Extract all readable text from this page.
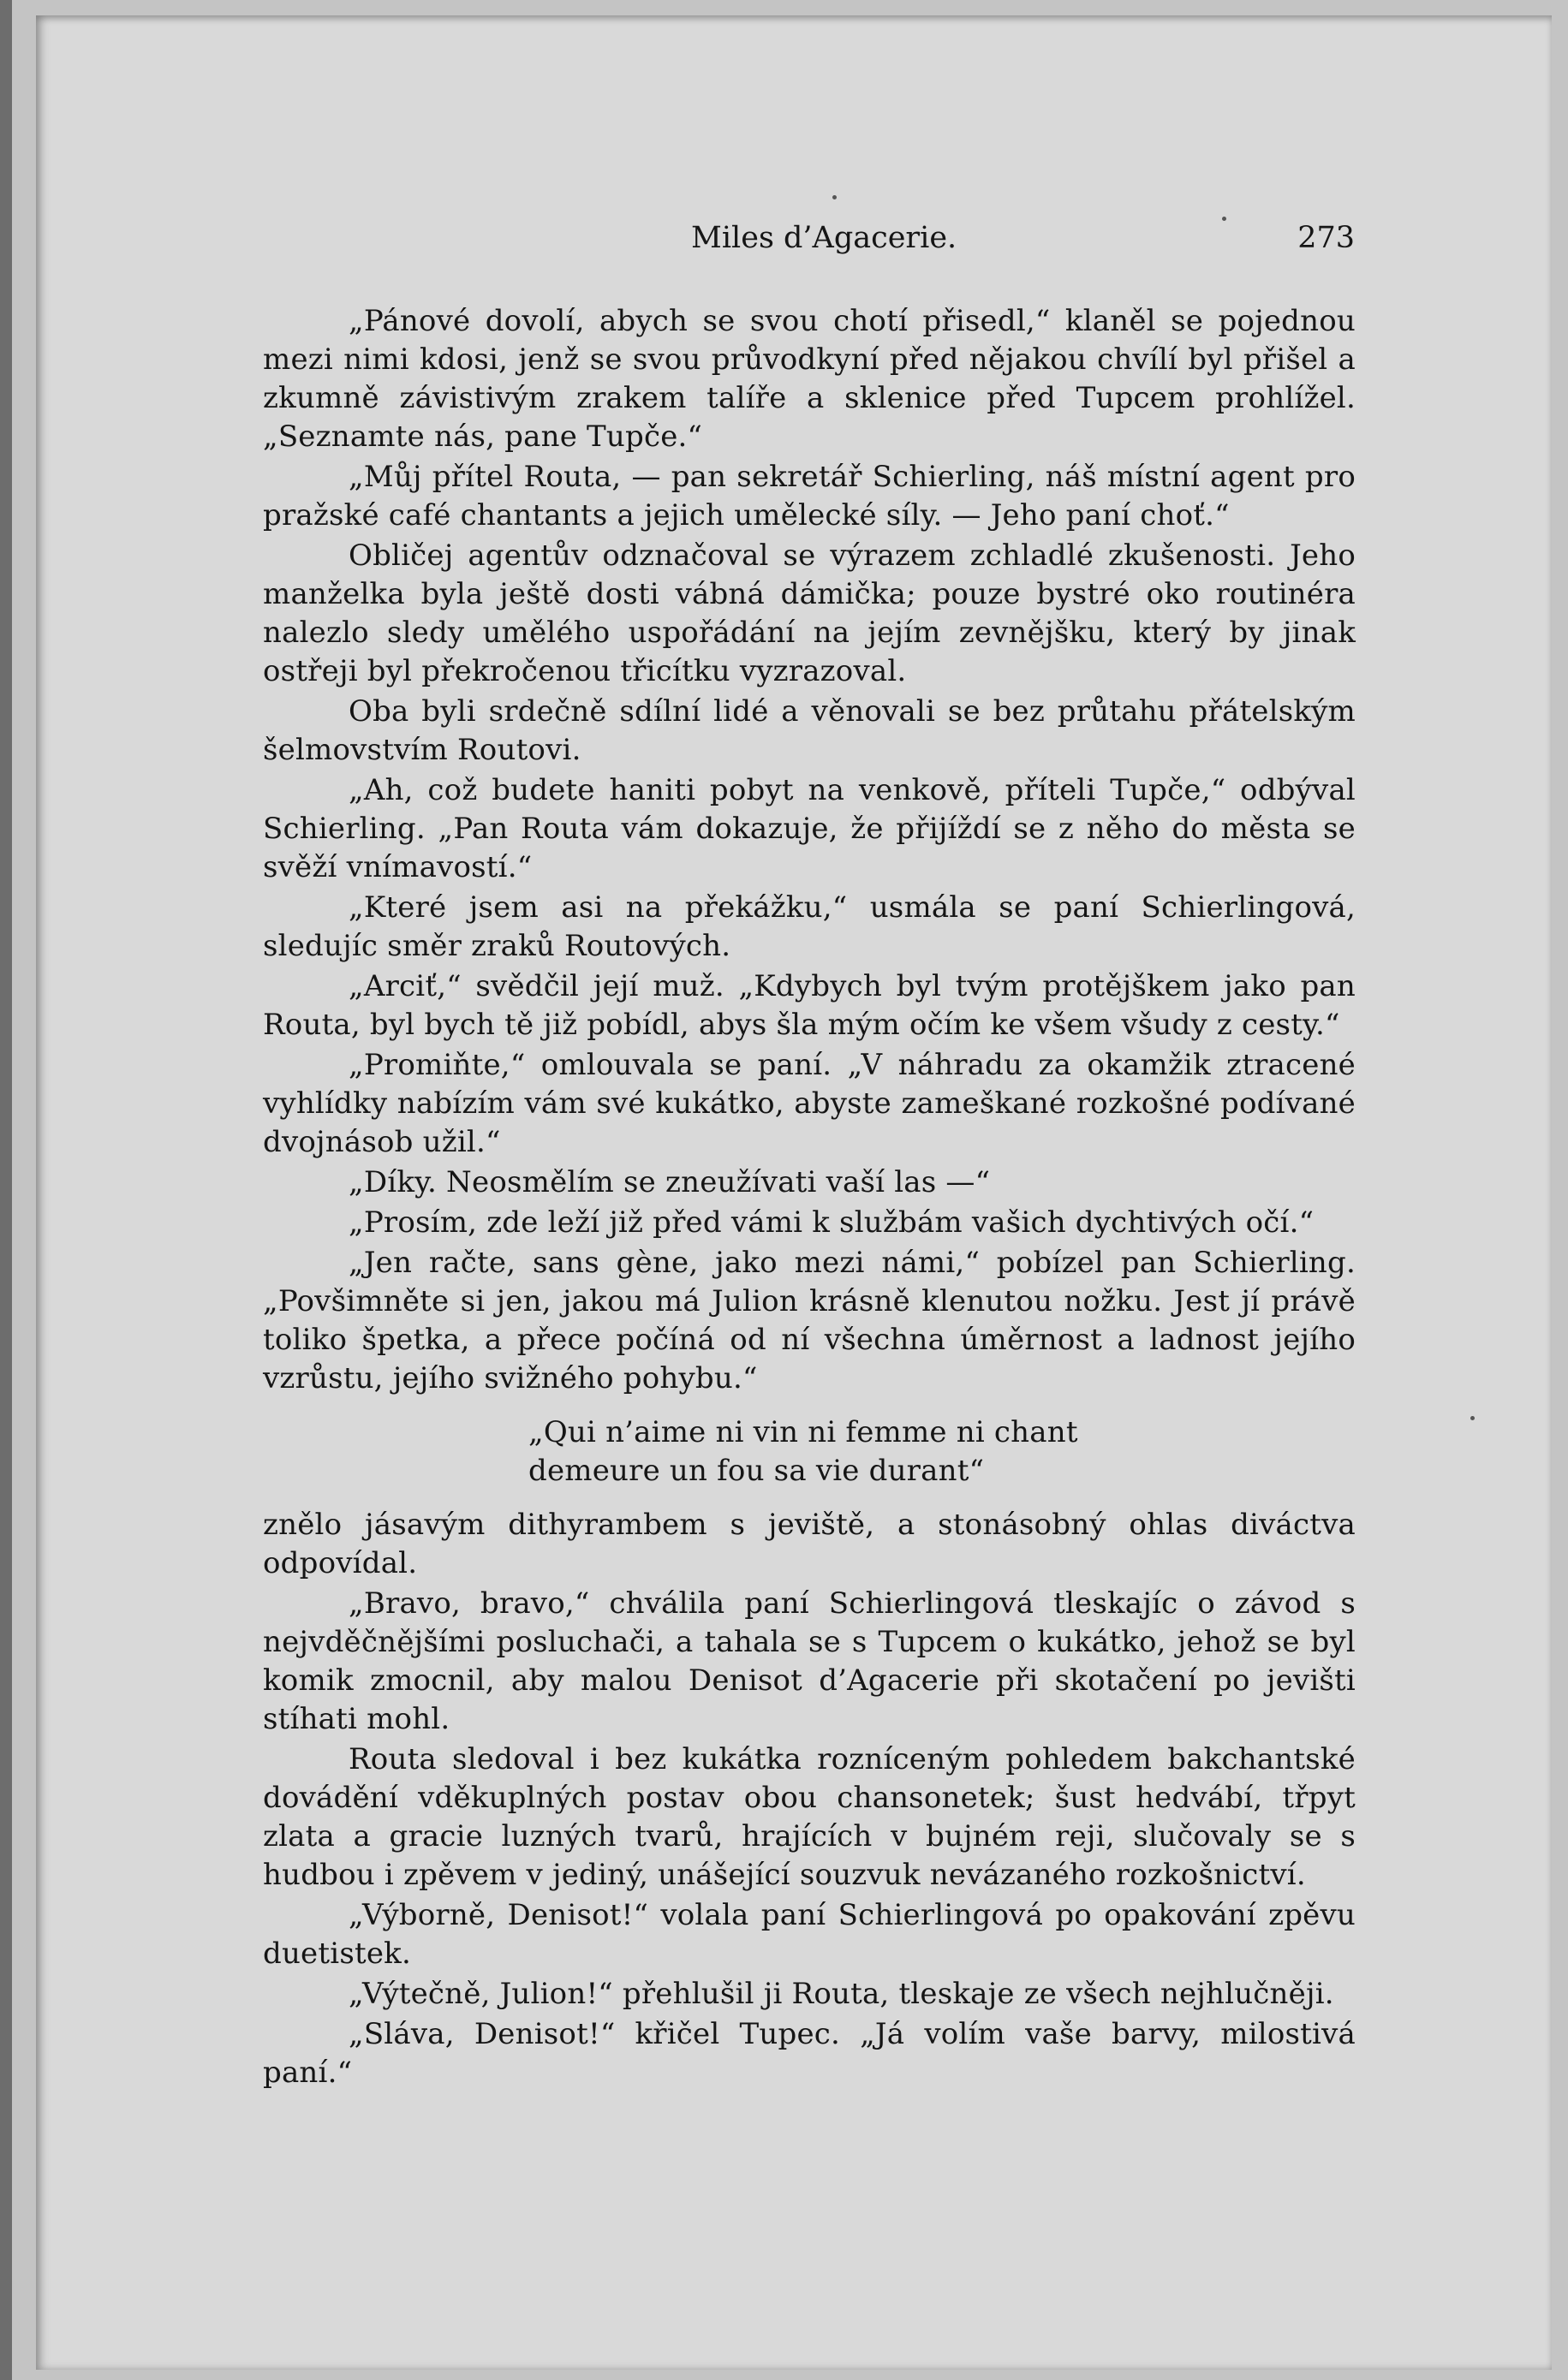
Miles d’Agacerie.	273

„Pánové dovolí, abych se svou chotí přisedl,“ klaněl se pojednou mezi nimi kdosi, jenž se svou průvodkyní před nějakou chvílí byl přišel a zkumně závistivým zrakem talíře a sklenice před Tupcem prohlížel. „Seznamte nás, pane Tupče.“

„Můj přítel Routa, — pan sekretář Schierling, náš místní agent pro pražské café chantants a jejich umělecké síly. — Jeho paní choť.“

Obličej agentův odznačoval se výrazem zchladlé zkušenosti. Jeho manželka byla ještě dosti vábná dámička; pouze bystré oko routinéra nalezlo sledy umělého uspořádání na jejím zevnějšku, který by jinak ostřeji byl překročenou třicítku vyzrazoval.

Oba byli srdečně sdílní lidé a věnovali se bez průtahu přátelským šelmovstvím Routovi.

„Ah, což budete haniti pobyt na venkově, příteli Tupče,“ odbýval Schierling. „Pan Routa vám dokazuje, že přijíždí se z něho do města se svěží vnímavostí.“

„Které jsem asi na překážku,“ usmála se paní Schierlingová, sledujíc směr zraků Routových.

„Arciť,“ svědčil její muž. „Kdybych byl tvým protějškem jako pan Routa, byl bych tě již pobídl, abys šla mým očím ke všem všudy z cesty.“

„Promiňte,“ omlouvala se paní. „V náhradu za okamžik ztracené vyhlídky nabízím vám své kukátko, abyste zameškané rozkošné podívané dvojnásob užil.“

„Díky. Neosmělím se zneužívati vaší las —“

„Prosím, zde leží již před vámi k službám vašich dychtivých očí.“

„Jen račte, sans gène, jako mezi námi,“ pobízel pan Schierling. „Povšimněte si jen, jakou má Julion krásně klenutou nožku. Jest jí právě toliko špetka, a přece počíná od ní všechna úměrnost a ladnost jejího vzrůstu, jejího svižného pohybu.“

„Qui n’aime ni vin ni femme ni chant
demeure un fou sa vie durant“

znělo jásavým dithyrambem s jeviště, a stonásobný ohlas diváctva odpovídal.

„Bravo, bravo,“ chválila paní Schierlingová tleskajíc o závod s nejvděčnějšími posluchači, a tahala se s Tupcem o kukátko, jehož se byl komik zmocnil, aby malou Denisot d’Agacerie při skotačení po jevišti stíhati mohl.

Routa sledoval i bez kukátka rozníceným pohledem bakchantské dovádění vděkuplných postav obou chansonetek; šust hedvábí, třpyt zlata a gracie luzných tvarů, hrajících v bujném reji, slučovaly se s hudbou i zpěvem v jediný, unášející souzvuk nevázaného rozkošnictví.

„Výborně, Denisot!“ volala paní Schierlingová po opakování zpěvu duetistek.

„Výtečně, Julion!“ přehlušil ji Routa, tleskaje ze všech nejhlučněji.

„Sláva, Denisot!“ křičel Tupec. „Já volím vaše barvy, milostivá paní.“
